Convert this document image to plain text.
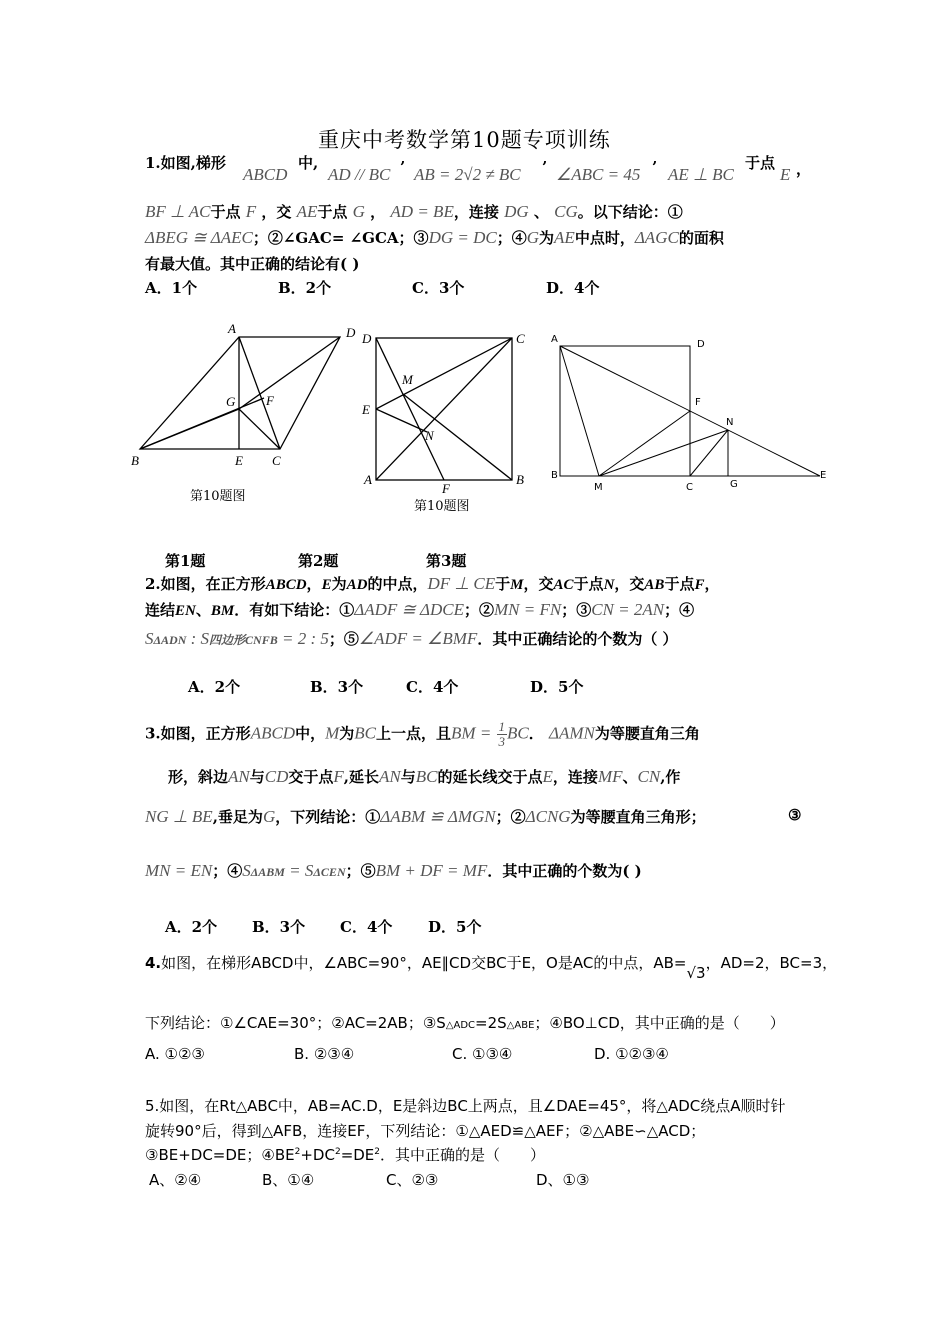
重庆中考数学第10题专项训练
1.如图,梯形
ABCD
中,
AD // BC ’ AB = 2√2 ≠ BC ’ ∠ABC = 45 ’ AE ⊥ BC
于点
E ，
BF ⊥ AC于点 F ，交 AE于点 G ， AD = BE，连接 DG 、 CG。以下结论：①
ΔBEG ≅ ΔAEC；②∠GAC= ∠GCA；③DG = DC；④G为AE中点时，ΔAGC的面积
有最大值。其中正确的结论有( )
A．1个	B．2个	C．3个	D．4个
A	D
G F
B	E C
第10题图
D	C
M
E
N
A
F
B
第10题图
A	D
F
N
B
M	C	G
E
第1题	第2题	第3题
2.如图，在正方形ABCD，E为AD的中点，DF ⊥ CE于M，交AC于点N，交AB于点F，
连结EN、BM．有如下结论：①ΔADF ≅ ΔDCE；②MN = FN；③CN = 2AN；④
SΔADN : S四边形CNFB = 2 : 5；⑤∠ADF = ∠BMF．其中正确结论的个数为（ ）
A．2个	B．3个	C．4个	D．5个
3.如图，正方形ABCD中，M为BC上一点，且BM = $\frac{1}{3}$ BC． ΔAMN为等腰直角三角
形，斜边AN与CD交于点F,延长AN与BC的延长线交于点E，连接MF、CN,作
NG ⊥ BE,垂足为G，下列结论：①ΔABM ≌ ΔMGN；②ΔCNG为等腰直角三角形；	③
MN = EN；④SΔABM = SΔCEN；⑤BM + DF = MF．其中正确的个数为( )
A．2个 B．3个 C．4个 D．5个
4.如图，在梯形ABCD中，∠ABC=90°，AE∥CD交BC于E，O是AC的中点，AB=√3，AD=2，BC=3，
下列结论：①∠CAE=30°；②AC=2AB；③S△ADC=2S△ABE；④BO⊥CD，其中正确的是（　　）
A. ①②③	B. ②③④	C. ①③④	D. ①②③④
5.如图，在Rt△ABC中，AB=AC.D，E是斜边BC上两点，且∠DAE=45°，将△ADC绕点A顺时针
旋转90°后，得到△AFB，连接EF，下列结论：①△AED≌△AEF；②△ABE∽△ACD；
③BE+DC=DE；$④BE^2+DC^2=DE^2$．其中正确的是（　　）
A、②④	B、①④	C、②③	D、①③
